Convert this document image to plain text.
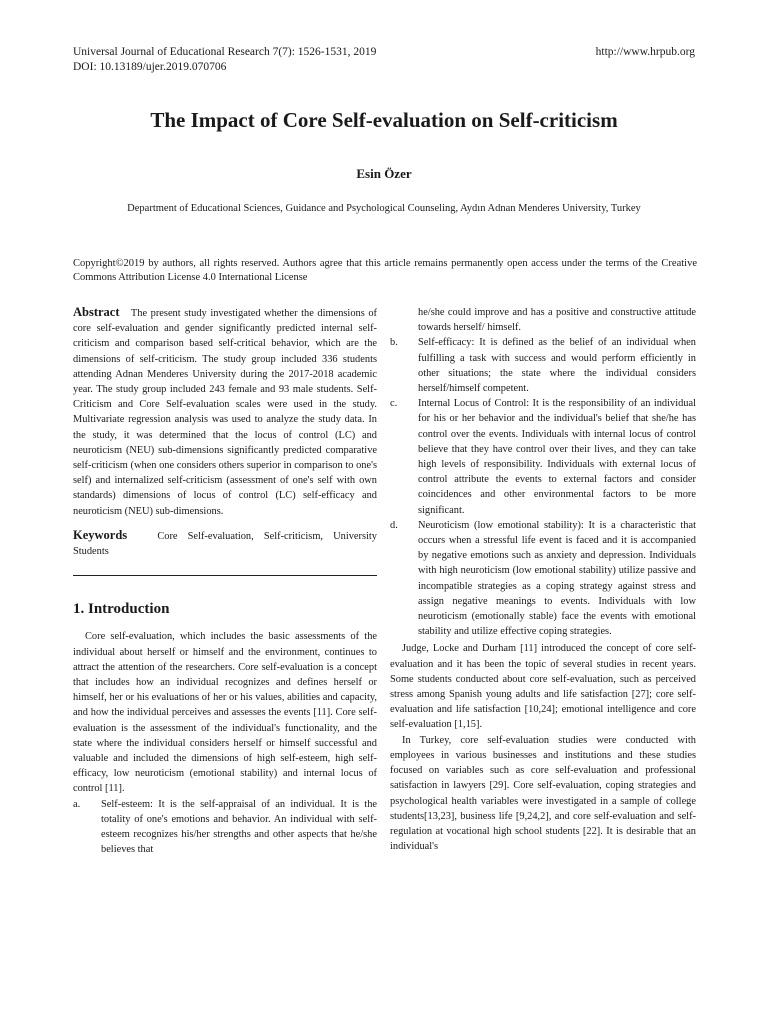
Universal Journal of Educational Research 7(7): 1526-1531, 2019
DOI: 10.13189/ujer.2019.070706
http://www.hrpub.org
The Impact of Core Self-evaluation on Self-criticism
Esin Özer
Department of Educational Sciences, Guidance and Psychological Counseling, Aydın Adnan Menderes University, Turkey
Copyright©2019 by authors, all rights reserved. Authors agree that this article remains permanently open access under the terms of the Creative Commons Attribution License 4.0 International License

Abstract The present study investigated whether the dimensions of core self-evaluation and gender significantly predicted internal self-criticism and comparison based self-critical behavior, which are the dimensions of self-criticism. The study group included 336 students attending Adnan Menderes University during the 2017-2018 academic year. The study group included 243 female and 93 male students. Self-Criticism and Core Self-evaluation scales were used in the study. Multivariate regression analysis was used to analyze the study data. In the study, it was determined that the locus of control (LC) and neuroticism (NEU) sub-dimensions significantly predicted comparative self-criticism (when one considers others superior in comparison to one's self) and internalized self-criticism (assessment of one's self with own standards) dimensions of locus of control (LC) self-efficacy and neuroticism (NEU) sub-dimensions.

Keywords	Core Self-evaluation, Self-criticism, University Students

1. Introduction

Core self-evaluation, which includes the basic assessments of the individual about herself or himself and the environment, continues to attract the attention of the researchers. Core self-evaluation is a concept that includes how an individual recognizes and defines herself or himself, her or his evaluations of her or his values, abilities and capacity, and how the individual perceives and assesses the events [11]. Core self-evaluation is the assessment of the individual's functionality, and the state where the individual considers herself or himself successful and valuable and included the dimensions of high self-esteem, high self-efficacy, low neuroticism (emotional stability) and internal locus of control [11].

a.	Self-esteem: It is the self-appraisal of an individual. It is the totality of one's emotions and behavior. An individual with self-esteem recognizes his/her strengths and other aspects that he/she believes that

he/she could improve and has a positive and constructive attitude towards herself/ himself.

b.	Self-efficacy: It is defined as the belief of an individual when fulfilling a task with success and would perform efficiently in other situations; the state where the individual considers herself/himself competent.
c.	Internal Locus of Control: It is the responsibility of an individual for his or her behavior and the individual's belief that she/he has control over the events. Individuals with internal locus of control believe that they have control over their lives, and they can take high levels of responsibility. Individuals with external locus of control attribute the events to external factors and consider coincidences and other environmental factors to be more significant.
d.	Neuroticism (low emotional stability): It is a characteristic that occurs when a stressful life event is faced and it is accompanied by negative emotions such as anxiety and depression. Individuals with high neuroticism (low emotional stability) utilize passive and incompatible strategies as a coping strategy against stress and assign negative meanings to events. Individuals with low neuroticism (emotionally stable) face the events with emotional stability and utilize effective coping strategies.

Judge, Locke and Durham [11] introduced the concept of core self-evaluation and it has been the topic of several studies in recent years. Some students conducted about core self-evaluation, such as perceived stress among Spanish young adults and life satisfaction [27]; core self-evaluation and life satisfaction [10,24]; emotional intelligence and core self-evaluation [1,15].

In Turkey, core self-evaluation studies were conducted with employees in various businesses and institutions and these studies focused on variables such as core self-evaluation and professional satisfaction in lawyers [29]. Core self-evaluation, coping strategies and psychological health variables were investigated in a sample of college students[13,23], business life [9,24,2], and core self-evaluation and self-regulation at vocational high school students [22]. It is desirable that an individual's
